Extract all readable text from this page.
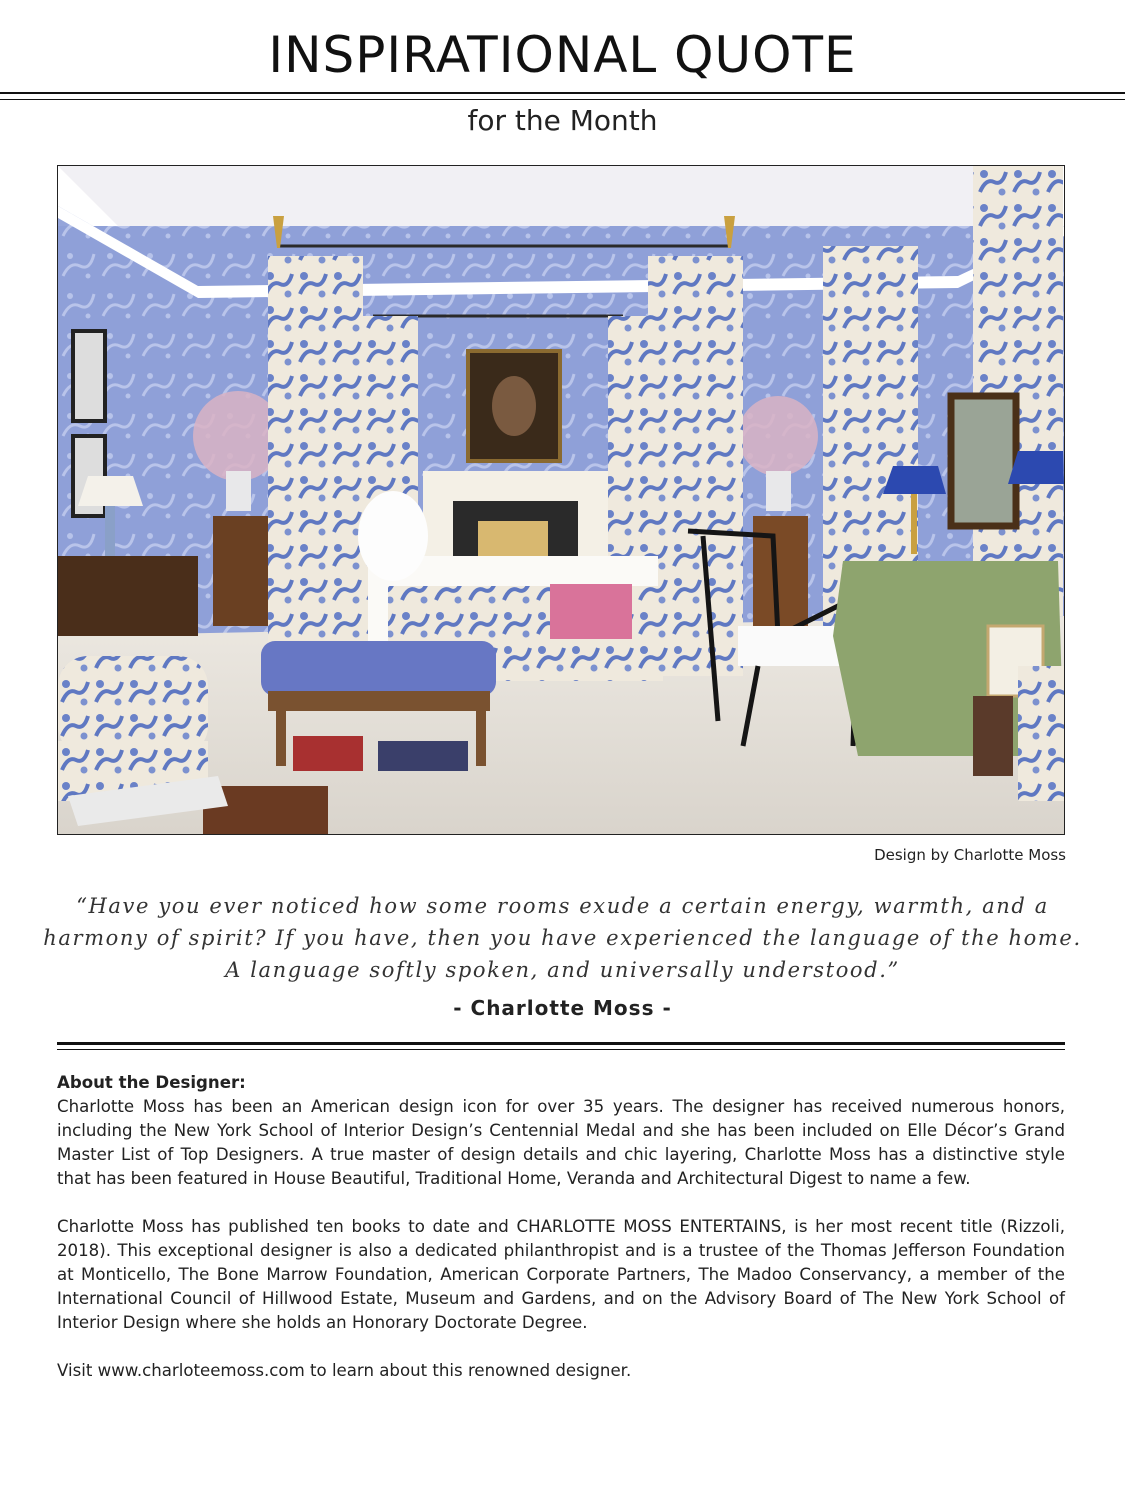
INSPIRATIONAL QUOTE
for the Month
Design by Charlotte Moss
“Have you ever noticed how some rooms exude a certain energy, warmth, and a harmony of spirit? If you have, then you have experienced the language of the home. A language softly spoken, and universally understood.”
- Charlotte Moss -
About the Designer:

Charlotte Moss has been an American design icon for over 35 years. The designer has received numerous honors, including the New York School of Interior Design’s Centennial Medal and she has been included on Elle Décor’s Grand Master List of Top Designers. A true master of design details and chic layering, Charlotte Moss has a distinctive style that has been featured in House Beautiful, Traditional Home, Veranda and Architectural Digest to name a few.

Charlotte Moss has published ten books to date and CHARLOTTE MOSS ENTERTAINS, is her most recent title (Rizzoli, 2018). This exceptional designer is also a dedicated philanthropist and is a trustee of the Thomas Jefferson Foundation at Monticello, The Bone Marrow Foundation, American Corporate Partners, The Madoo Conservancy, a member of the International Council of Hillwood Estate, Museum and Gardens, and on the Advisory Board of The New York School of Interior Design where she holds an Honorary Doctorate Degree.

Visit www.charloteemoss.com to learn about this renowned designer.
